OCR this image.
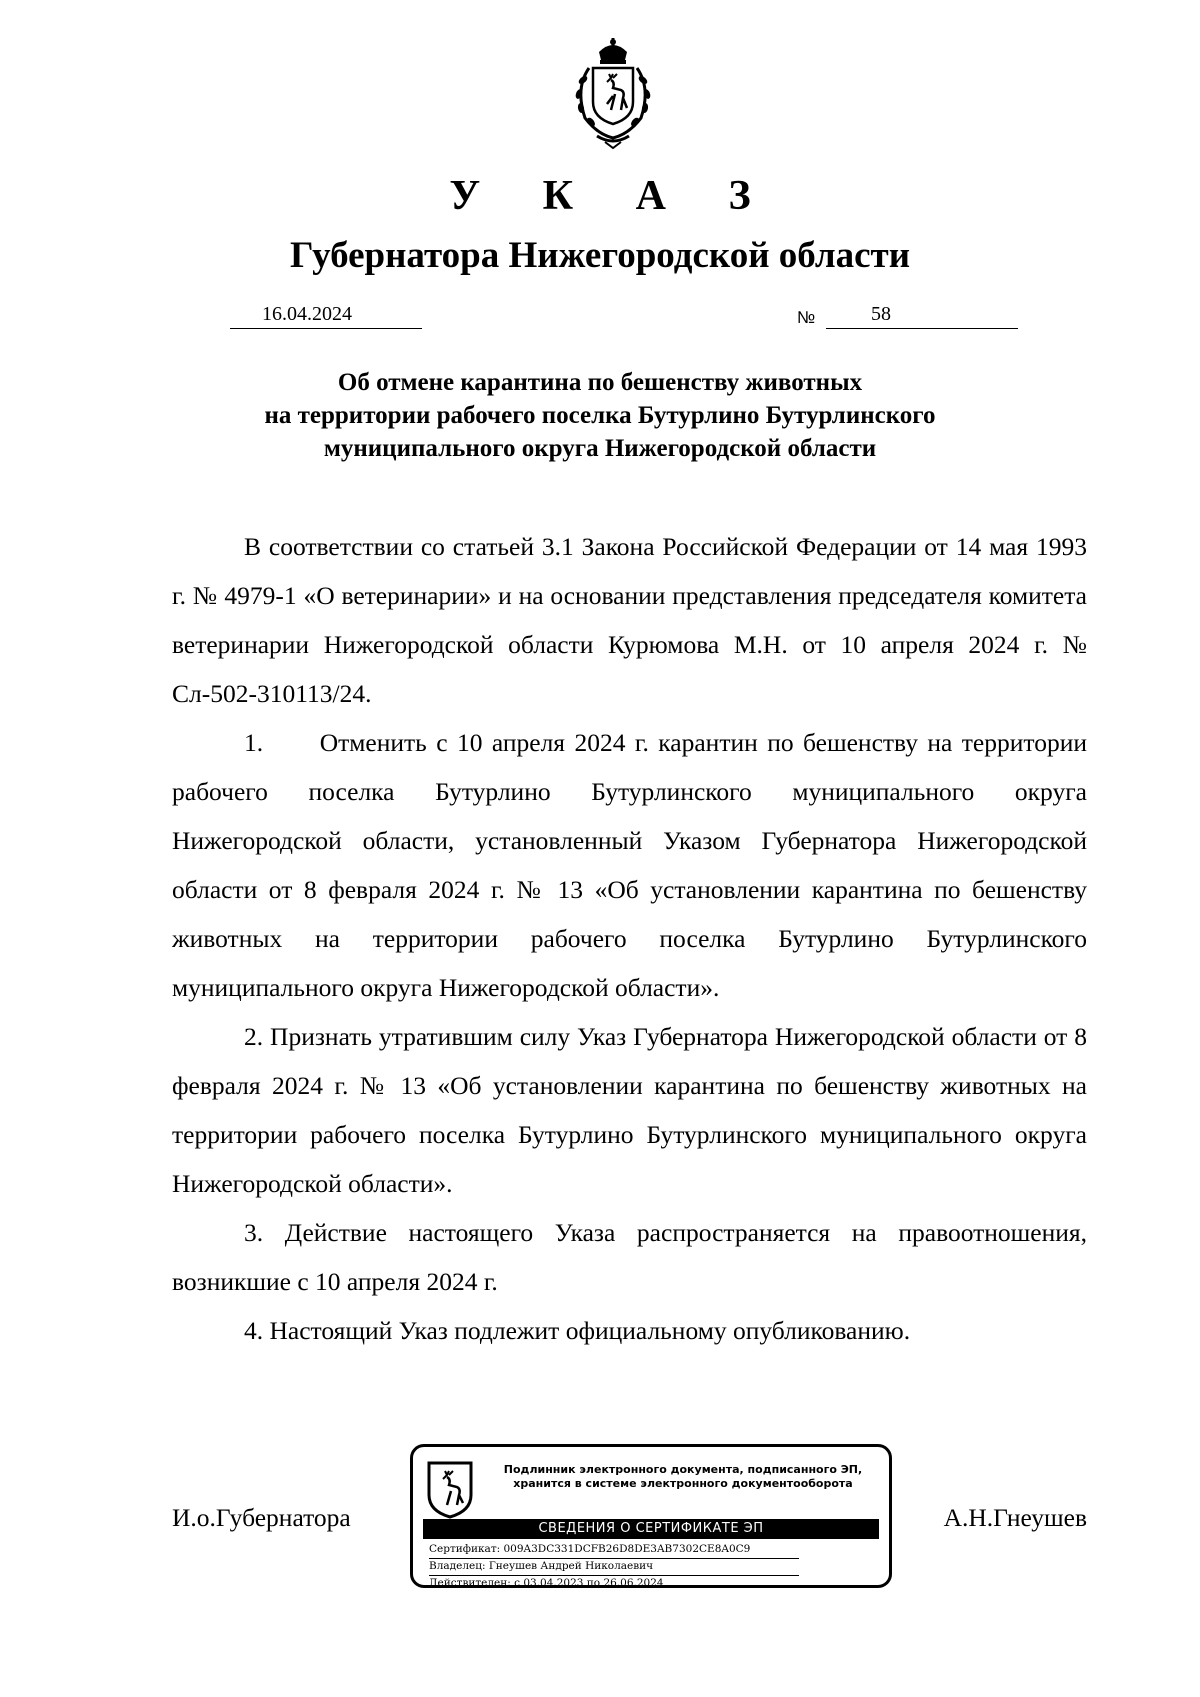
У К А З
Губернатора Нижегородской области
16.04.2024	№	58
Об отмене карантина по бешенству животных
на территории рабочего поселка Бутурлино Бутурлинского
муниципального округа Нижегородской области

В соответствии со статьей 3.1 Закона Российской Федерации от 14 мая 1993 г. № 4979-1 «О ветеринарии» и на основании представления председателя комитета ветеринарии Нижегородской области Курюмова М.Н. от 10 апреля 2024 г. № Сл-502-310113/24.

1.      Отменить с 10 апреля 2024 г. карантин по бешенству на территории рабочего поселка Бутурлино Бутурлинского муниципального округа Нижегородской области, установленный Указом Губернатора Нижегородской области от 8 февраля 2024 г. № 13 «Об установлении карантина по бешенству животных на территории рабочего поселка Бутурлино Бутурлинского муниципального округа Нижегородской области».

2. Признать утратившим силу Указ Губернатора Нижегородской области от 8 февраля 2024 г. № 13 «Об установлении карантина по бешенству животных на территории рабочего поселка Бутурлино Бутурлинского муниципального округа Нижегородской области».

3. Действие настоящего Указа распространяется на правоотношения, возникшие с 10 апреля 2024 г.

4. Настоящий Указ подлежит официальному опубликованию.

И.о.Губернатора	А.Н.Гнеушев
Подлинник электронного документа, подписанного ЭП,
хранится в системе электронного документооборота
СВЕДЕНИЯ О СЕРТИФИКАТЕ ЭП
Сертификат: 009A3DC331DCFB26D8DE3AB7302CE8A0C9
Владелец: Гнеушев Андрей Николаевич
Действителен: с 03.04.2023 по 26.06.2024
